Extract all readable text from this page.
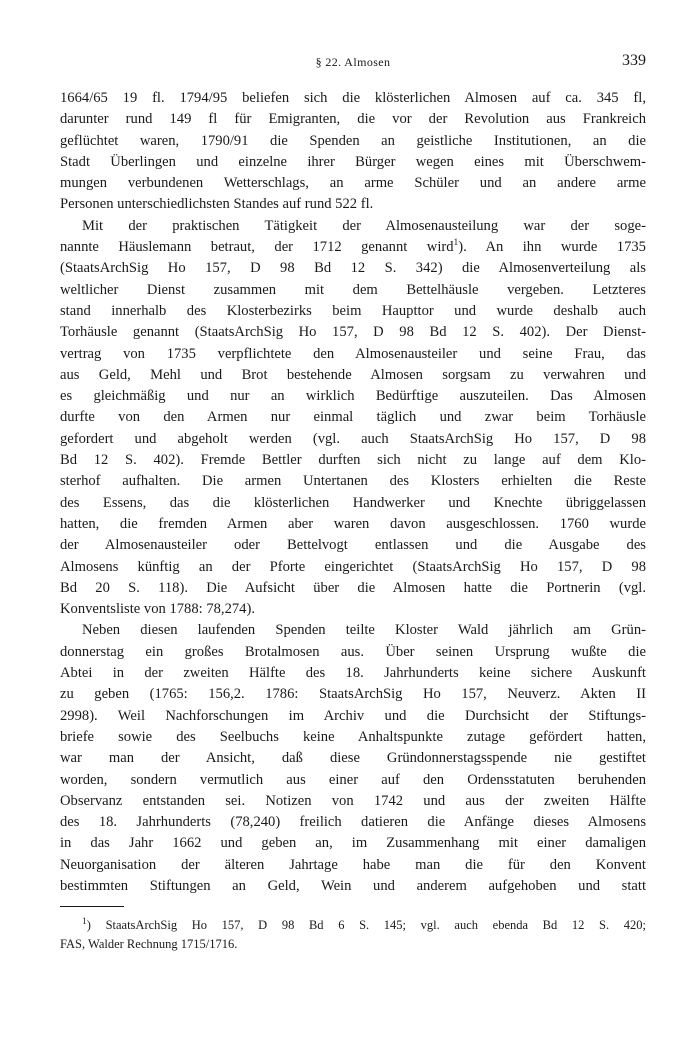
§ 22. Almosen	339
1664/65 19 fl. 1794/95 beliefen sich die klösterlichen Almosen auf ca. 345 fl,
darunter rund 149 fl für Emigranten, die vor der Revolution aus Frankreich
geflüchtet waren, 1790/91 die Spenden an geistliche Institutionen, an die
Stadt Überlingen und einzelne ihrer Bürger wegen eines mit Überschwem-
mungen verbundenen Wetterschlags, an arme Schüler und an andere arme
Personen unterschiedlichsten Standes auf rund 522 fl.
Mit der praktischen Tätigkeit der Almosenausteilung war der soge-
nannte Häuslemann betraut, der 1712 genannt wird$^1$). An ihn wurde 1735
(StaatsArchSig Ho 157, D 98 Bd 12 S. 342) die Almosenverteilung als
weltlicher Dienst zusammen mit dem Bettelhäusle vergeben. Letzteres
stand innerhalb des Klosterbezirks beim Haupttor und wurde deshalb auch
Torhäusle genannt (StaatsArchSig Ho 157, D 98 Bd 12 S. 402). Der Dienst-
vertrag von 1735 verpflichtete den Almosenausteiler und seine Frau, das
aus Geld, Mehl und Brot bestehende Almosen sorgsam zu verwahren und
es gleichmäßig und nur an wirklich Bedürftige auszuteilen. Das Almosen
durfte von den Armen nur einmal täglich und zwar beim Torhäusle
gefordert und abgeholt werden (vgl. auch StaatsArchSig Ho 157, D 98
Bd 12 S. 402). Fremde Bettler durften sich nicht zu lange auf dem Klo-
sterhof aufhalten. Die armen Untertanen des Klosters erhielten die Reste
des Essens, das die klösterlichen Handwerker und Knechte übriggelassen
hatten, die fremden Armen aber waren davon ausgeschlossen. 1760 wurde
der Almosenausteiler oder Bettelvogt entlassen und die Ausgabe des
Almosens künftig an der Pforte eingerichtet (StaatsArchSig Ho 157, D 98
Bd 20 S. 118). Die Aufsicht über die Almosen hatte die Portnerin (vgl.
Konventsliste von 1788: 78,274).
Neben diesen laufenden Spenden teilte Kloster Wald jährlich am Grün-
donnerstag ein großes Brotalmosen aus. Über seinen Ursprung wußte die
Abtei in der zweiten Hälfte des 18. Jahrhunderts keine sichere Auskunft
zu geben (1765: 156,2. 1786: StaatsArchSig Ho 157, Neuverz. Akten II
2998). Weil Nachforschungen im Archiv und die Durchsicht der Stiftungs-
briefe sowie des Seelbuchs keine Anhaltspunkte zutage gefördert hatten,
war man der Ansicht, daß diese Gründonnerstagsspende nie gestiftet
worden, sondern vermutlich aus einer auf den Ordensstatuten beruhenden
Observanz entstanden sei. Notizen von 1742 und aus der zweiten Hälfte
des 18. Jahrhunderts (78,240) freilich datieren die Anfänge dieses Almosens
in das Jahr 1662 und geben an, im Zusammenhang mit einer damaligen
Neuorganisation der älteren Jahrtage habe man die für den Konvent
bestimmten Stiftungen an Geld, Wein und anderem aufgehoben und statt
$^1$) StaatsArchSig Ho 157, D 98 Bd 6 S. 145; vgl. auch ebenda Bd 12 S. 420;
FAS, Walder Rechnung 1715/1716.
